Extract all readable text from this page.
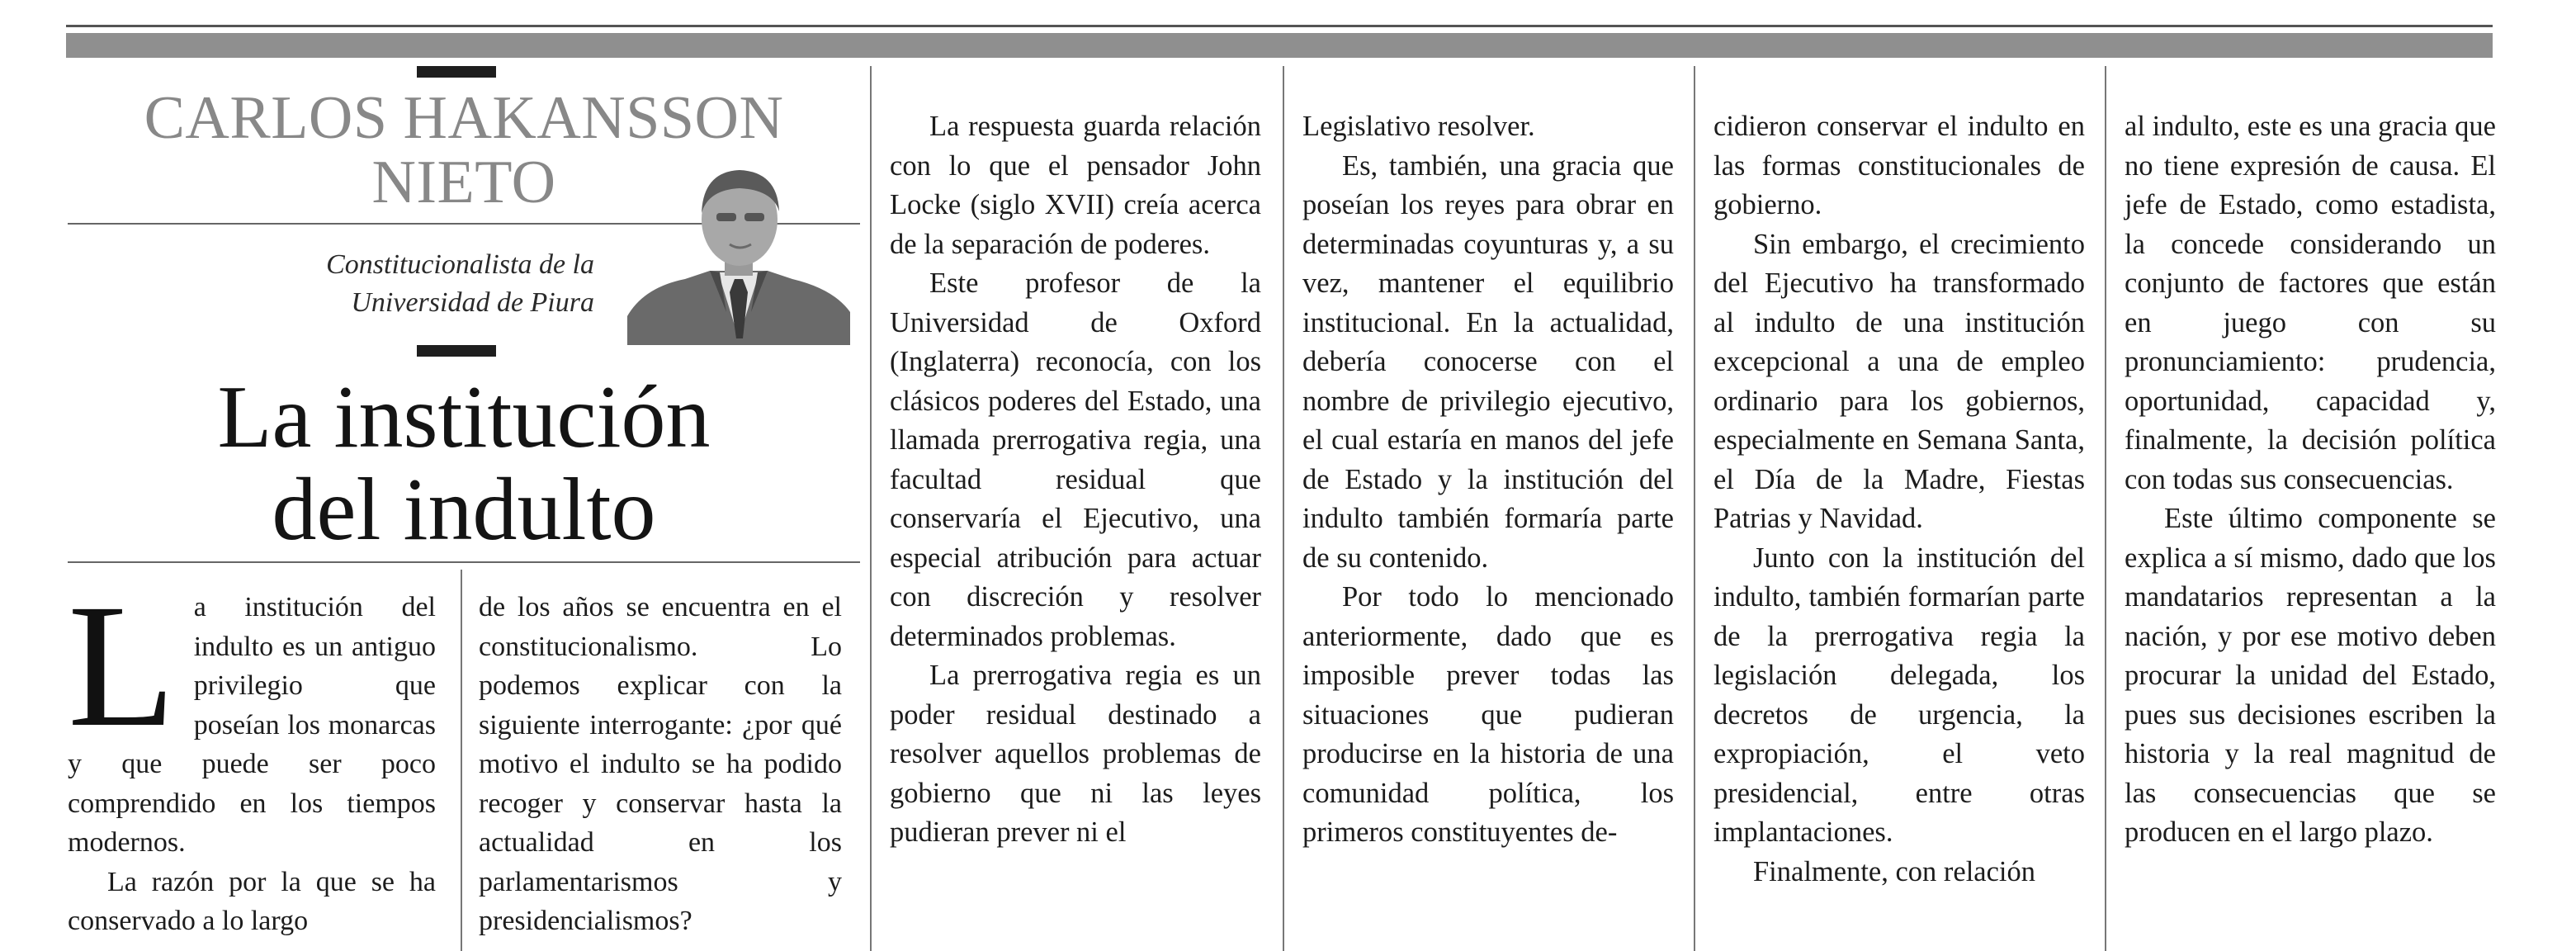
CARLOS HAKANSSON
NIETO
Constitucionalista de la
Universidad de Piura
La institución
del indulto
L a institución del indulto es un antiguo privilegio que poseían los monarcas y que puede ser poco comprendido en los tiempos modernos.

La razón por la que se ha conservado a lo largo

de los años se encuentra en el constitucionalismo. Lo podemos explicar con la siguiente interrogante: ¿por qué motivo el indulto se ha podido recoger y conservar hasta la actualidad en los parlamentarismos y presidencialismos?

La respuesta guarda relación con lo que el pensador John Locke (siglo XVII) creía acerca de la separación de poderes.

Este profesor de la Universidad de Oxford (Inglaterra) reconocía, con los clásicos poderes del Estado, una llamada prerrogativa regia, una facultad residual que conservaría el Ejecutivo, una especial atribución para actuar con discreción y resolver determinados problemas.

La prerrogativa regia es un poder residual destinado a resolver aquellos problemas de gobierno que ni las leyes pudieran prever ni el

Legislativo resolver.

Es, también, una gracia que poseían los reyes para obrar en determinadas coyunturas y, a su vez, mantener el equilibrio institucional. En la actualidad, debería conocerse con el nombre de privilegio ejecutivo, el cual estaría en manos del jefe de Estado y la institución del indulto también formaría parte de su contenido.

Por todo lo mencionado anteriormente, dado que es imposible prever todas las situaciones que pudieran producirse en la historia de una comunidad política, los primeros constituyentes de-

cidieron conservar el indulto en las formas constitucionales de gobierno.

Sin embargo, el crecimiento del Ejecutivo ha transformado al indulto de una institución excepcional a una de empleo ordinario para los gobiernos, especialmente en Semana Santa, el Día de la Madre, Fiestas Patrias y Navidad.

Junto con la institución del indulto, también formarían parte de la prerrogativa regia la legislación delegada, los decretos de urgencia, la expropiación, el veto presidencial, entre otras implantaciones.

Finalmente, con relación

al indulto, este es una gracia que no tiene expresión de causa. El jefe de Estado, como estadista, la concede considerando un conjunto de factores que están en juego con su pronunciamiento: prudencia, oportunidad, capacidad y, finalmente, la decisión política con todas sus consecuencias.

Este último componente se explica a sí mismo, dado que los mandatarios representan a la nación, y por ese motivo deben procurar la unidad del Estado, pues sus decisiones escriben la historia y la real magnitud de las consecuencias que se producen en el largo plazo.
